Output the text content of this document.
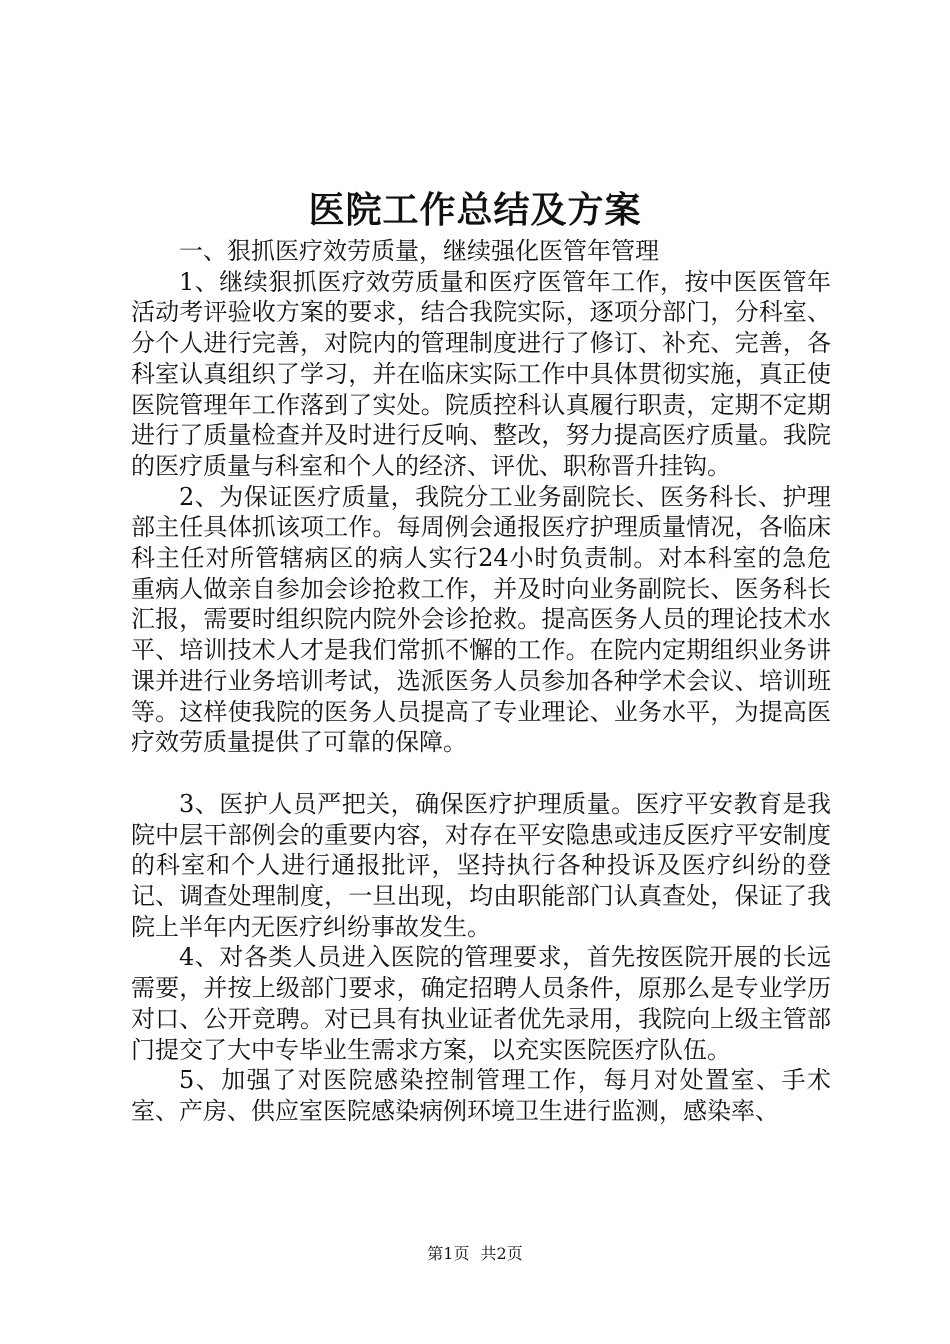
医院工作总结及方案

一、狠抓医疗效劳质量，继续强化医管年管理

1、继续狠抓医疗效劳质量和医疗医管年工作，按中医医管年活动考评验收方案的要求，结合我院实际，逐项分部门，分科室、分个人进行完善，对院内的管理制度进行了修订、补充、完善，各科室认真组织了学习，并在临床实际工作中具体贯彻实施，真正使医院管理年工作落到了实处。院质控科认真履行职责，定期不定期进行了质量检查并及时进行反响、整改，努力提高医疗质量。我院的医疗质量与科室和个人的经济、评优、职称晋升挂钩。

2、为保证医疗质量，我院分工业务副院长、医务科长、护理部主任具体抓该项工作。每周例会通报医疗护理质量情况，各临床科主任对所管辖病区的病人实行24小时负责制。对本科室的急危重病人做亲自参加会诊抢救工作，并及时向业务副院长、医务科长汇报，需要时组织院内院外会诊抢救。提高医务人员的理论技术水平、培训技术人才是我们常抓不懈的工作。在院内定期组织业务讲课并进行业务培训考试，选派医务人员参加各种学术会议、培训班等。这样使我院的医务人员提高了专业理论、业务水平，为提高医疗效劳质量提供了可靠的保障。

3、医护人员严把关，确保医疗护理质量。医疗平安教育是我院中层干部例会的重要内容，对存在平安隐患或违反医疗平安制度的科室和个人进行通报批评，坚持执行各种投诉及医疗纠纷的登记、调查处理制度，一旦出现，均由职能部门认真查处，保证了我院上半年内无医疗纠纷事故发生。

4、对各类人员进入医院的管理要求，首先按医院开展的长远需要，并按上级部门要求，确定招聘人员条件，原那么是专业学历对口、公开竞聘。对已具有执业证者优先录用，我院向上级主管部门提交了大中专毕业生需求方案，以充实医院医疗队伍。

5、加强了对医院感染控制管理工作，每月对处置室、手术室、产房、供应室医院感染病例环境卫生进行监测，感染率、

第1页 共2页
